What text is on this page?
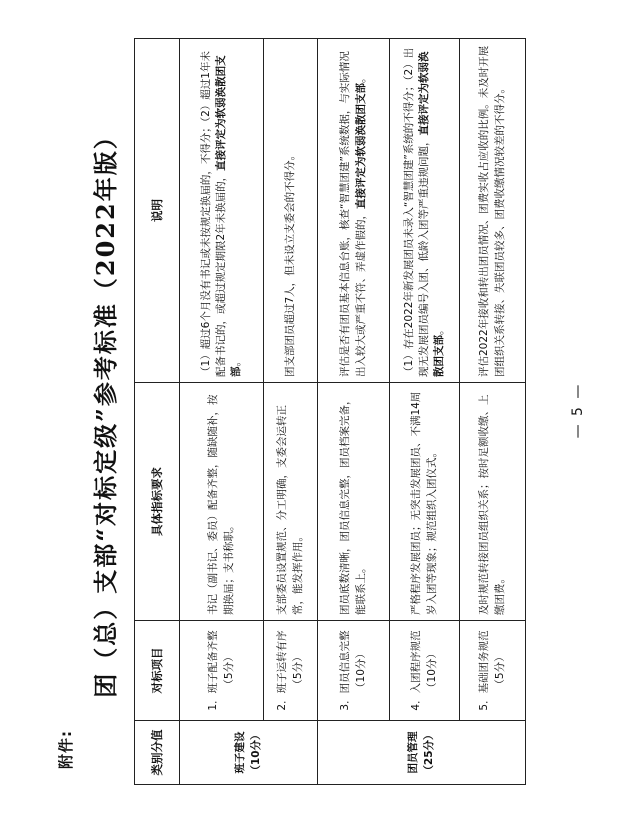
附件:
团（总）支部“对标定级”参考标准（2022年版）
类别分值	对标项目	具体指标要求	说明

班子建设 （10分）	1．班子配备齐整 （5分）	书记（副书记、委员）配备齐整，随缺随补，按期换届；支书称职。	（1）超过6个月没有书记或未按规定换届的，不得分；（2）超过1年未配备书记的，或超过规定期限2年未换届的，直接评定为软弱涣散团支部。

	2．班子运转有序 （5分）	支部委员设置规范、分工明确，支委会运转正常，能发挥作用。	团支部团员超过7人，但未设立支委会的不得分。

团员管理 （25分）	3．团员信息完整 （10分）	团员底数清晰，团员信息完整，团员档案完备，能联系上。	评估是否有团员基本信息台账，核查“智慧团建”系统数据，与实际情况出入较大或严重不符、弄虚作假的，直接评定为软弱涣散团支部。

	4．入团程序规范 （10分）	严格程序发展团员；无突击发展团员、不满14周岁入团等现象；规范组织入团仪式。	（1）存在2022年新发展团员未录入“智慧团建”系统的不得分；（2）出现无发展团员编号入团、低龄入团等严重违规问题，直接评定为软弱涣散团支部。

	5．基础团务规范 （5分）	及时规范转接团员组织关系；按时足额收缴、上缴团费。	评估2022年接收和转出团员情况、团费实收占应收的比例。未及时开展团组织关系转接、失联团员较多、团费收缴情况较差的不得分。
— 5 —
